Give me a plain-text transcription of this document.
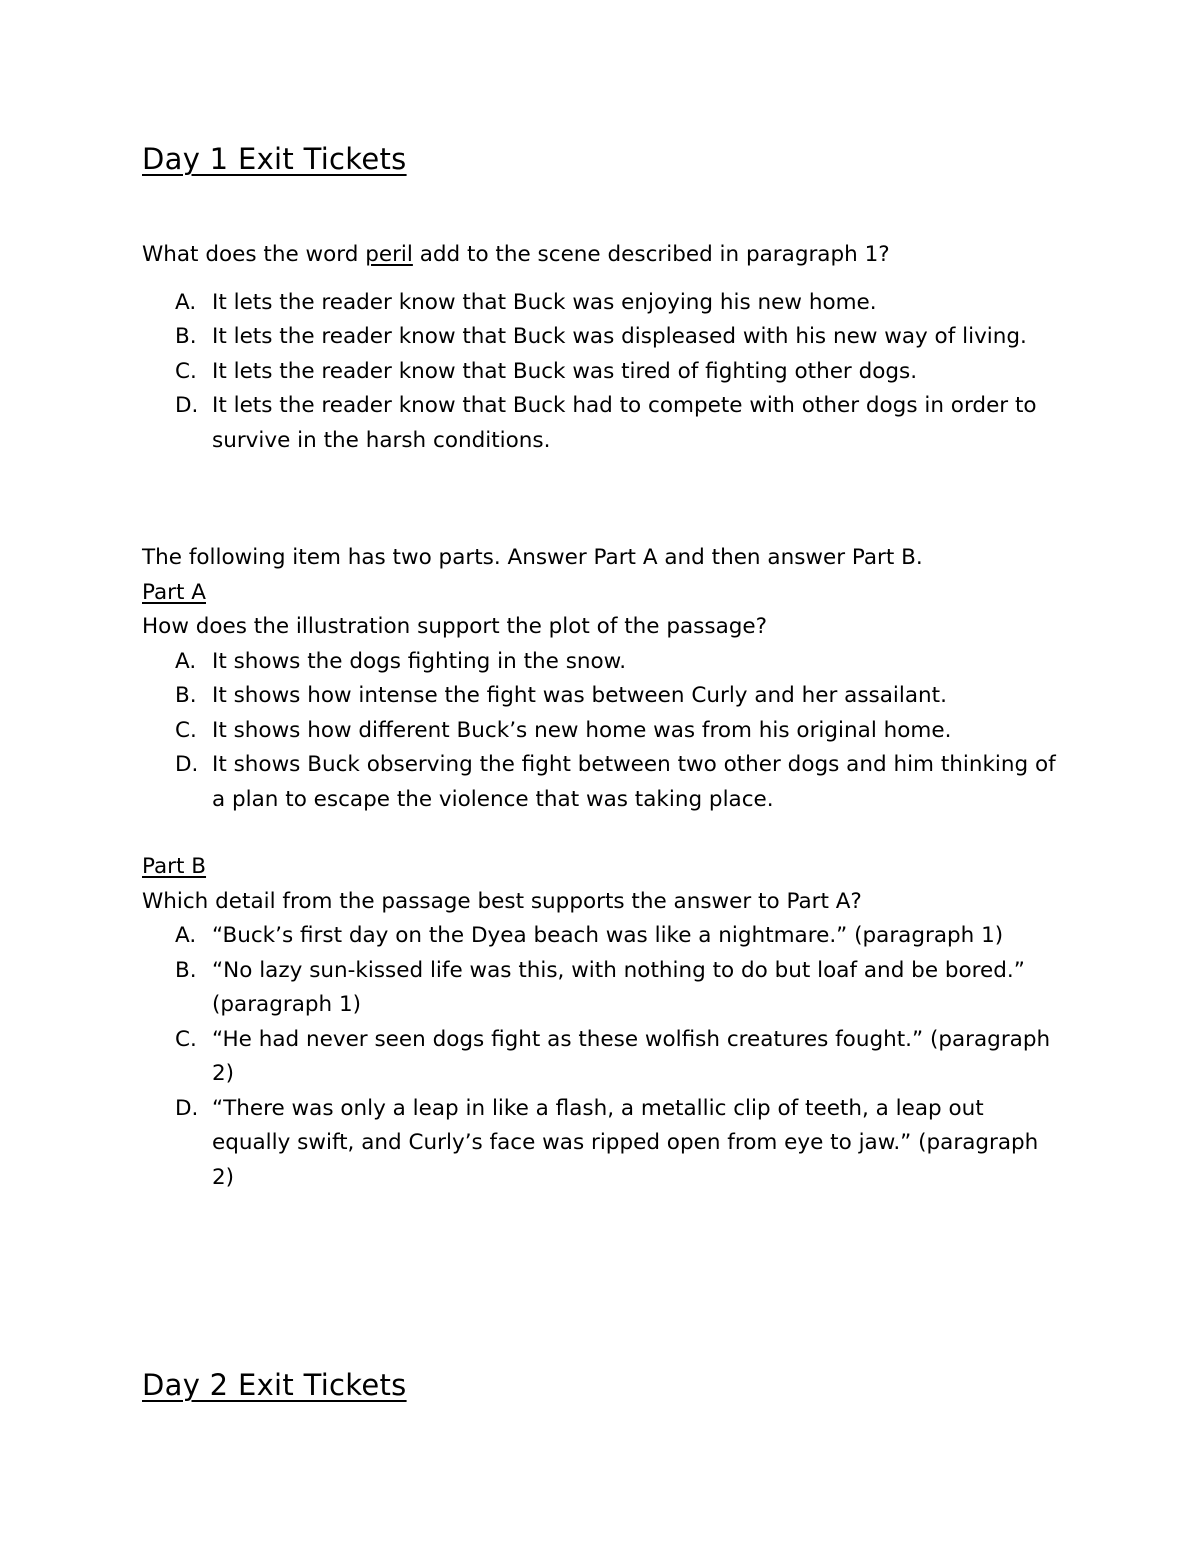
Day 1 Exit Tickets
What does the word peril add to the scene described in paragraph 1?
A. It lets the reader know that Buck was enjoying his new home.
B. It lets the reader know that Buck was displeased with his new way of living.
C. It lets the reader know that Buck was tired of fighting other dogs.
D. It lets the reader know that Buck had to compete with other dogs in order to survive in the harsh conditions.
The following item has two parts. Answer Part A and then answer Part B.
Part A
How does the illustration support the plot of the passage?
A. It shows the dogs fighting in the snow.
B. It shows how intense the fight was between Curly and her assailant.
C. It shows how different Buck’s new home was from his original home.
D. It shows Buck observing the fight between two other dogs and him thinking of a plan to escape the violence that was taking place.
Part B
Which detail from the passage best supports the answer to Part A?
A. “Buck’s first day on the Dyea beach was like a nightmare.” (paragraph 1)
B. “No lazy sun-kissed life was this, with nothing to do but loaf and be bored.” (paragraph 1)
C. “He had never seen dogs fight as these wolfish creatures fought.” (paragraph 2)
D. “There was only a leap in like a flash, a metallic clip of teeth, a leap out equally swift, and Curly’s face was ripped open from eye to jaw.” (paragraph 2)
Day 2 Exit Tickets
